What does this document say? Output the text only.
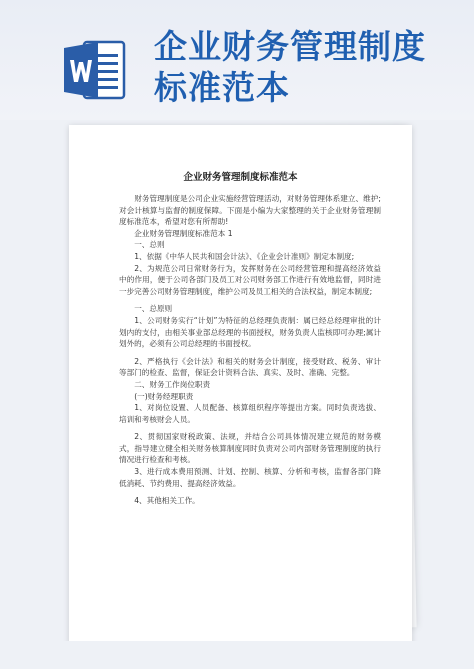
企业财务管理制度
标准范本
企业财务管理制度标准范本

财务管理制度是公司企业实施经营管理活动，对财务管理体系建立、维护;对会计核算与监督的制度保障。下面是小编为大家整理的关于企业财务管理制度标准范本，希望对您有所帮助!

企业财务管理制度标准范本 1

一、总则

1、依据《中华人民共和国会计法》、《企业会计准则》制定本制度;

2、为规范公司日常财务行为，发挥财务在公司经营管理和提高经济效益中的作用，便于公司各部门及员工对公司财务部工作进行有效地监督，同时进一步完善公司财务管理制度，维护公司及员工相关的合法权益，制定本制度;

一、总原则

1、公司财务实行“计划”为特征的总经理负责制：属已经总经理审批的计划内的支付，由相关事业部总经理的书面授权，财务负责人监核即可办理;属计划外的，必须有公司总经理的书面授权。

2、严格执行《会计法》和相关的财务会计制度，接受财政、税务、审计等部门的检查、监督，保证会计资料合法、真实、及时、准确、完整。

二、财务工作岗位职责

(一)财务经理职责

1、对岗位设置、人员配备、核算组织程序等提出方案。同时负责选拔、培训和考核财会人员。

2、贯彻国家财税政策、法规，并结合公司具体情况建立规范的财务模式，指导建立健全相关财务核算制度同时负责对公司内部财务管理制度的执行情况进行检查和考核。

3、进行成本费用预测、计划、控制、核算、分析和考核，监督各部门降低消耗、节约费用、提高经济效益。

4、其他相关工作。
